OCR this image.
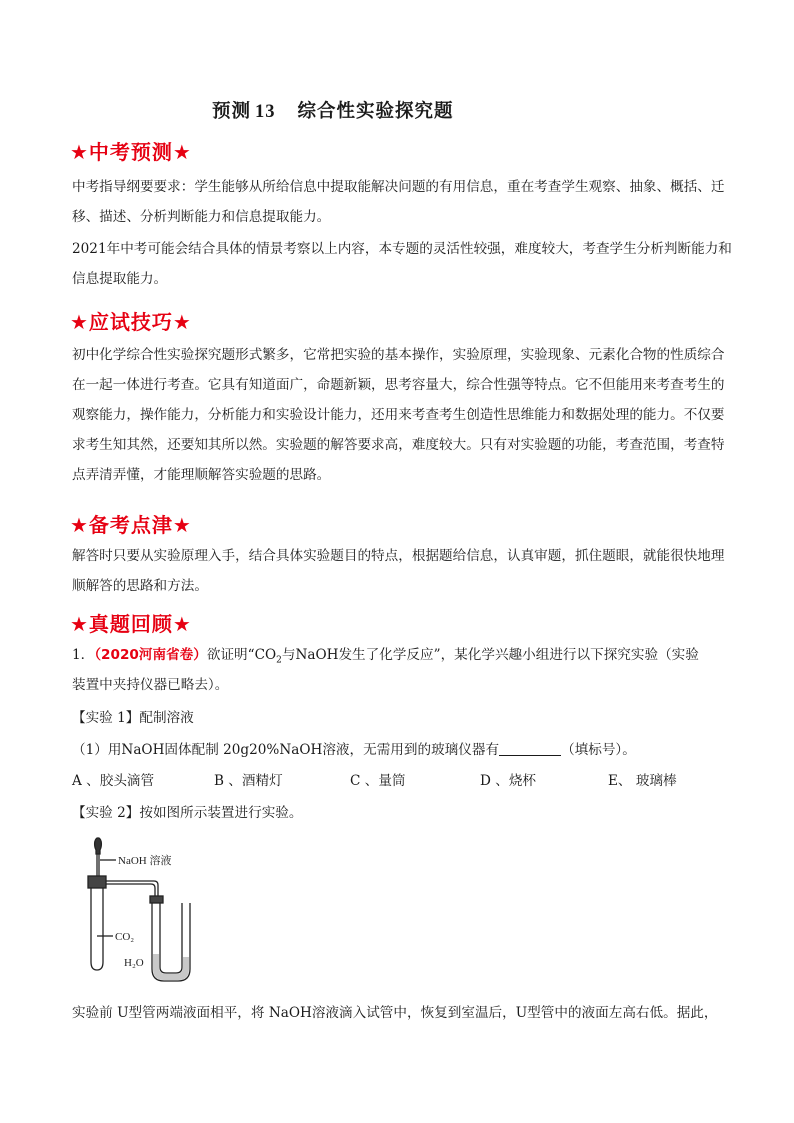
预测 13 综合性实验探究题
★中考预测★
中考指导纲要要求：学生能够从所给信息中提取能解决问题的有用信息，重在考查学生观察、抽象、概括、迁移、描述、分析判断能力和信息提取能力。
2021年中考可能会结合具体的情景考察以上内容，本专题的灵活性较强，难度较大，考查学生分析判断能力和信息提取能力。
★应试技巧★
初中化学综合性实验探究题形式繁多，它常把实验的基本操作，实验原理，实验现象、元素化合物的性质综合在一起一体进行考查。它具有知道面广，命题新颖，思考容量大，综合性强等特点。它不但能用来考查考生的观察能力，操作能力，分析能力和实验设计能力，还用来考查考生创造性思维能力和数据处理的能力。不仅要求考生知其然，还要知其所以然。实验题的解答要求高，难度较大。只有对实验题的功能，考查范围，考查特点弄清弄懂，才能理顺解答实验题的思路。
★备考点津★
解答时只要从实验原理入手，结合具体实验题目的特点，根据题给信息，认真审题，抓住题眼，就能很快地理顺解答的思路和方法。
★真题回顾★
1．（2020河南省卷）欲证明“$CO_2$与NaOH发生了化学反应”，某化学兴趣小组进行以下探究实验（实验
装置中夹持仪器已略去）。
【实验 1】配制溶液
（1）用NaOH固体配制 20g20%NaOH溶液，无需用到的玻璃仪器有	（填标号）。
A 、胶头滴管	B 、酒精灯	C 、量筒	D 、烧杯	E、 玻璃棒
【实验 2】按如图所示装置进行实验。
NaOH 溶液
CO₂
H₂O
实验前 U型管两端液面相平，将 NaOH溶液滴入试管中，恢复到室温后，U型管中的液面左高右低。据此，
